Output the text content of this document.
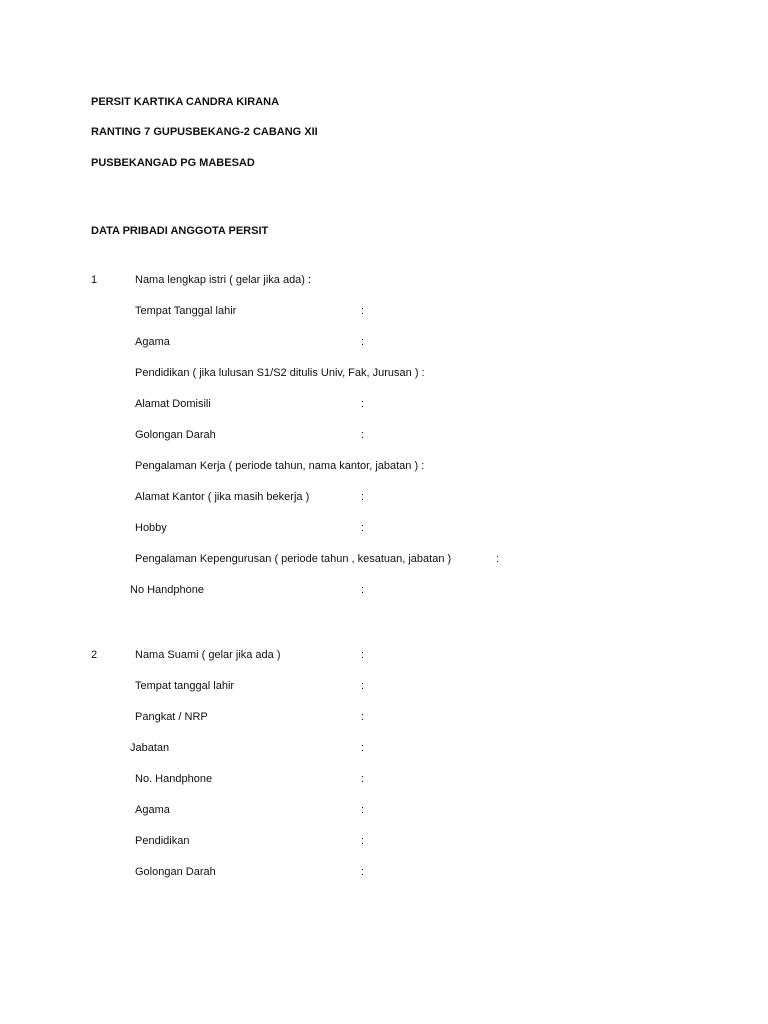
PERSIT KARTIKA CANDRA KIRANA
RANTING 7 GUPUSBEKANG-2 CABANG XII
PUSBEKANGAD PG MABESAD
DATA PRIBADI ANGGOTA PERSIT
1	Nama lengkap istri ( gelar jika ada) :
Tempat Tanggal lahir	:
Agama	:
Pendidikan ( jika lulusan S1/S2 ditulis Univ, Fak, Jurusan ) :
Alamat Domisili	:
Golongan Darah	:
Pengalaman Kerja ( periode tahun, nama kantor, jabatan ) :
Alamat Kantor ( jika masih bekerja )	:
Hobby	:
Pengalaman Kepengurusan ( periode tahun , kesatuan, jabatan )	:
No Handphone	:
2	Nama Suami ( gelar jika ada )	:
Tempat tanggal lahir	:
Pangkat / NRP	:
Jabatan	:
No. Handphone	:
Agama	:
Pendidikan	:
Golongan Darah	:
